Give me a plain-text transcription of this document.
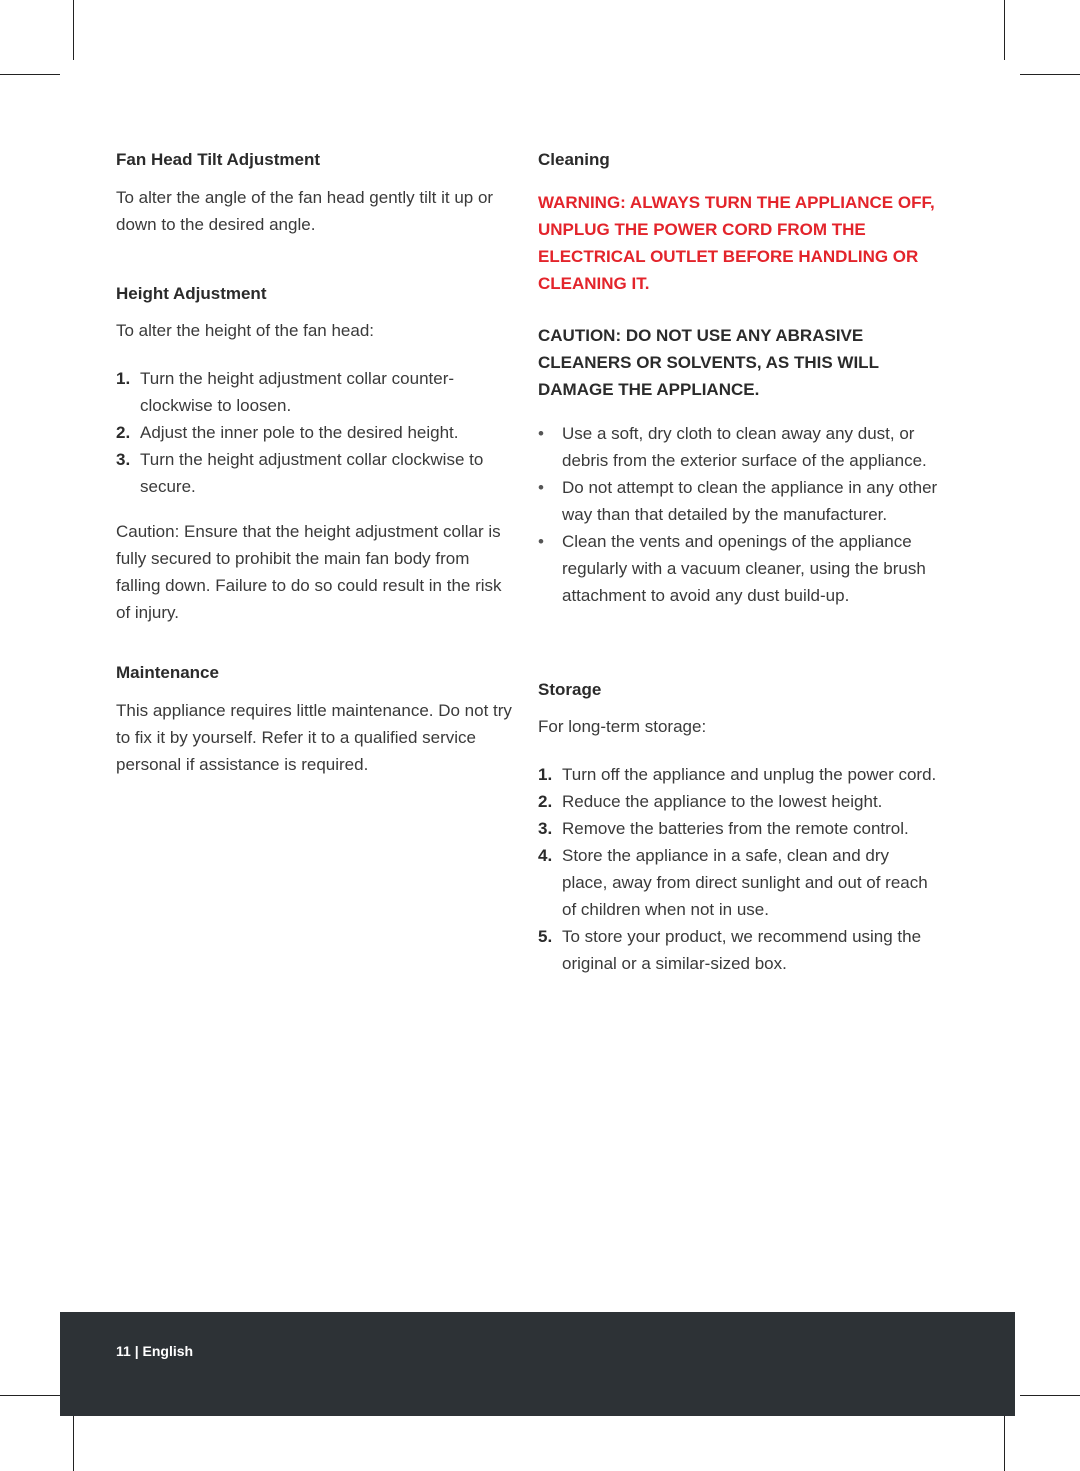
Fan Head Tilt Adjustment

To alter the angle of the fan head gently tilt it up or down to the desired angle.

Height Adjustment

To alter the height of the fan head:

1. Turn the height adjustment collar counter-clockwise to loosen.
2. Adjust the inner pole to the desired height.
3. Turn the height adjustment collar clockwise to secure.

Caution: Ensure that the height adjustment collar is fully secured to prohibit the main fan body from falling down. Failure to do so could result in the risk of injury.

Maintenance

This appliance requires little maintenance. Do not try to fix it by yourself. Refer it to a qualified service personal if assistance is required.

Cleaning

WARNING: ALWAYS TURN THE APPLIANCE OFF, UNPLUG THE POWER CORD FROM THE ELECTRICAL OUTLET BEFORE HANDLING OR CLEANING IT.

CAUTION: DO NOT USE ANY ABRASIVE CLEANERS OR SOLVENTS, AS THIS WILL DAMAGE THE APPLIANCE.

•	Use a soft, dry cloth to clean away any dust, or debris from the exterior surface of the appliance.
•	Do not attempt to clean the appliance in any other way than that detailed by the manufacturer.
•	Clean the vents and openings of the appliance regularly with a vacuum cleaner, using the brush attachment to avoid any dust build-up.
Storage

For long-term storage:

1. Turn off the appliance and unplug the power cord.
2. Reduce the appliance to the lowest height.
3. Remove the batteries from the remote control.
4. Store the appliance in a safe, clean and dry place, away from direct sunlight and out of reach of children when not in use.
5. To store your product, we recommend using the original or a similar-sized box.
11 | English
